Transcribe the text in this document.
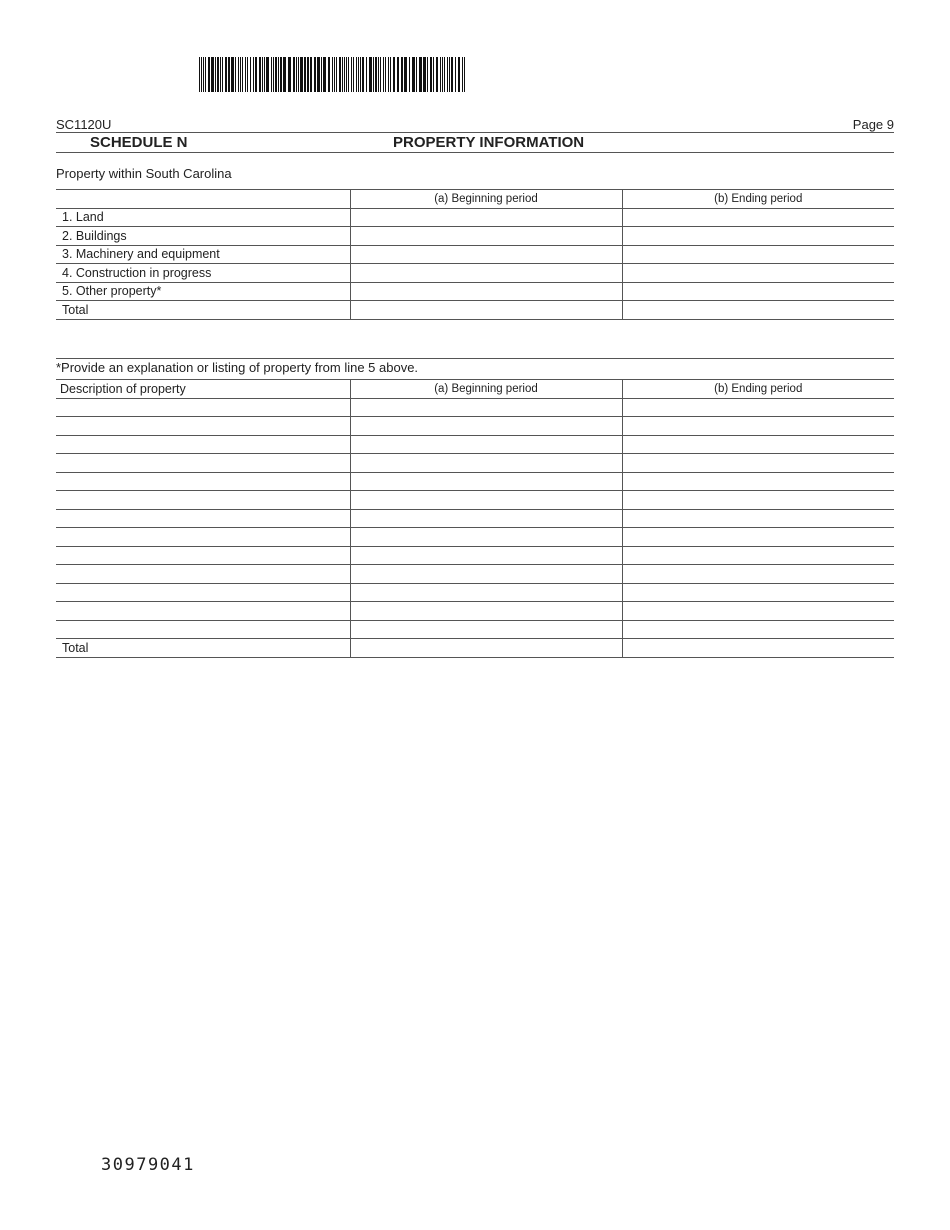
SC1120U	Page 9
SCHEDULE N	PROPERTY INFORMATION
Property within South Carolina
	(a) Beginning period	(b) Ending period
1. Land		
2. Buildings		
3. Machinery and equipment		
4. Construction in progress		
5. Other property*		
Total		
*Provide an explanation or listing of property from line 5 above.
Description of property	(a) Beginning period	(b) Ending period

Total		
30979041
